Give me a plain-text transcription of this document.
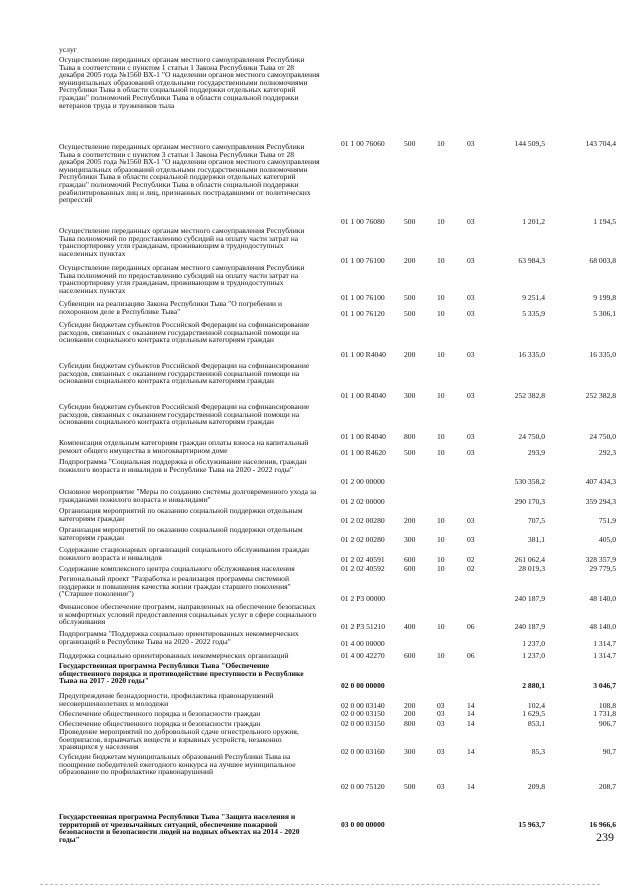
услуг
Осуществление переданных органам местного самоуправления Республики Тыва в соответствии с пунктом 1 статьи 1 Закона Республики Тыва от 28 декабря 2005 года №1560 ВХ-1 "О наделении органов местного самоуправления муниципальных образований отдельными государственными полномочиями Республики Тыва в области социальной поддержки отдельных категорий граждан" полномочий Республики Тыва в области социальной поддержки ветеранов труда и тружеников тыла
01 1 00 76060	500	10	03	144 509,5	143 704,4
Осуществление переданных органам местного самоуправления Республики Тыва в соответствии с пунктом 3 статьи 1 Закона Республики Тыва от 28 декабря 2005 года №1560 ВХ-1 "О наделении органов местного самоуправления муниципальных образований отдельными государственными полномочиями Республики Тыва в области социальной поддержки отдельных категорий граждан" полномочий Республики Тыва в области социальной поддержки реабилитированных лиц и лиц, признанных пострадавшими от политических репрессий
01 1 00 76080	500	10	03	1 201,2	1 194,5
Осуществление переданных органам местного самоуправления Республики Тыва полномочий по предоставлению субсидий на оплату части затрат на транспортировку угля гражданам, проживающим в труднодоступных населенных пунктах
01 1 00 76100	200	10	03	63 984,3	68 003,8
Осуществление переданных органам местного самоуправления Республики Тыва полномочий по предоставлению субсидий на оплату части затрат на транспортировку угля гражданам, проживающим в труднодоступных населенных пунктах
01 1 00 76100	500	10	03	9 251,4	9 199,8
Субвенции на реализацию Закона Республики Тыва "О погребении и похоронном деле в Республике Тыва"	01 1 00 76120	500	10	03	5 335,9	5 306,1
Субсидии бюджетам субъектов Российской Федерации на софинансирование расходов, связанных с оказанием государственной социальной помощи на основании социального контракта отдельным категориям граждан
01 1 00 R4040	200	10	03	16 335,0	16 335,0
Субсидии бюджетам субъектов Российской Федерации на софинансирование расходов, связанных с оказанием государственной социальной помощи на основании социального контракта отдельным категориям граждан
01 1 00 R4040	300	10	03	252 382,8	252 382,8
Субсидии бюджетам субъектов Российской Федерации на софинансирование расходов, связанных с оказанием государственной социальной помощи на основании социального контракта отдельным категориям граждан
01 1 00 R4040	800	10	03	24 750,0	24 750,0
Компенсация отдельным категориям граждан оплаты взноса на капитальный ремонт общего имущества в многоквартирном доме	01 1 00 R4620	500	10	03	293,9	292,3
Подпрограмма "Социальная поддержка и обслуживание населения, граждан пожилого возраста и инвалидов в Республике Тыва на 2020 - 2022 годы"
01 2 00 00000	530 358,2	407 434,3
Основное мероприятие "Меры по созданию системы долговременного ухода за гражданами пожилого возраста и инвалидами"	01 2 02 00000	290 170,3	359 294,3
Организация мероприятий по оказанию социальной поддержки отдельным категориям граждан	01 2 02 00280	200	10	03	707,5	751,9
Организация мероприятий по оказанию социальной поддержки отдельным категориям граждан	01 2 02 00280	300	10	03	381,1	405,0
Содержание стационарных организаций социального обслуживания граждан пожилого возраста и инвалидов	01 2 02 40591	600	10	02	261 062,4	328 357,9
Содержание комплексного центра социального обслуживания населения	01 2 02 40592	600	10	02	28 019,3	29 779,5
Региональный проект "Разработка и реализация программы системной поддержки и повышения качества жизни граждан старшего поколения" ("Старшее поколение")
01 2 P3 00000	240 187,9	48 140,0
Финансовое обеспечение программ, направленных на обеспечение безопасных и комфортных условий предоставления социальных услуг в сфере социального обслуживания
01 2 P3 51210	400	10	06	240 187,9	48 140,0
Подпрограмма "Поддержка социально ориентированных некоммерческих организаций в Республике Тыва на 2020 - 2022 годы"	01 4 00 00000	1 237,0	1 314,7
Поддержка социально ориентированных некоммерческих организаций	01 4 00 42270	600	10	06	1 237,0	1 314,7
Государственная программа Республики Тыва "Обеспечение общественного порядка и противодействие преступности в Республике Тыва на 2017 - 2020 годы"
02 0 00 00000	2 880,1	3 046,7
Предупреждение безнадзорности, профилактика правонарушений несовершеннолетних и молодежи	02 0 00 03140	200	03	14	102,4	108,8
Обеспечение общественного порядка и безопасности граждан	02 0 00 03150	200	03	14	1 629,5	1 731,8
Обеспечение общественного порядка и безопасности граждан	02 0 00 03150	800	03	14	853,1	906,7
Проведение мероприятий по добровольной сдаче огнестрельного оружия, боеприпасов, взрывчатых веществ и взрывных устройств, незаконно хранящихся у населения
02 0 00 03160	300	03	14	85,3	90,7
Субсидии бюджетам муниципальных образований Республики Тыва на поощрение победителей ежегодного конкурса на лучшее муниципальное образование по профилактике правонарушений
02 0 00 75120	500	03	14	209,8	208,7
Государственная программа Республики Тыва "Защита населения и территорий от чрезвычайных ситуаций, обеспечение пожарной безопасности и безопасности людей на водных объектах на 2014 - 2020 годы"
03 0 00 00000	15 963,7	16 966,6
239
